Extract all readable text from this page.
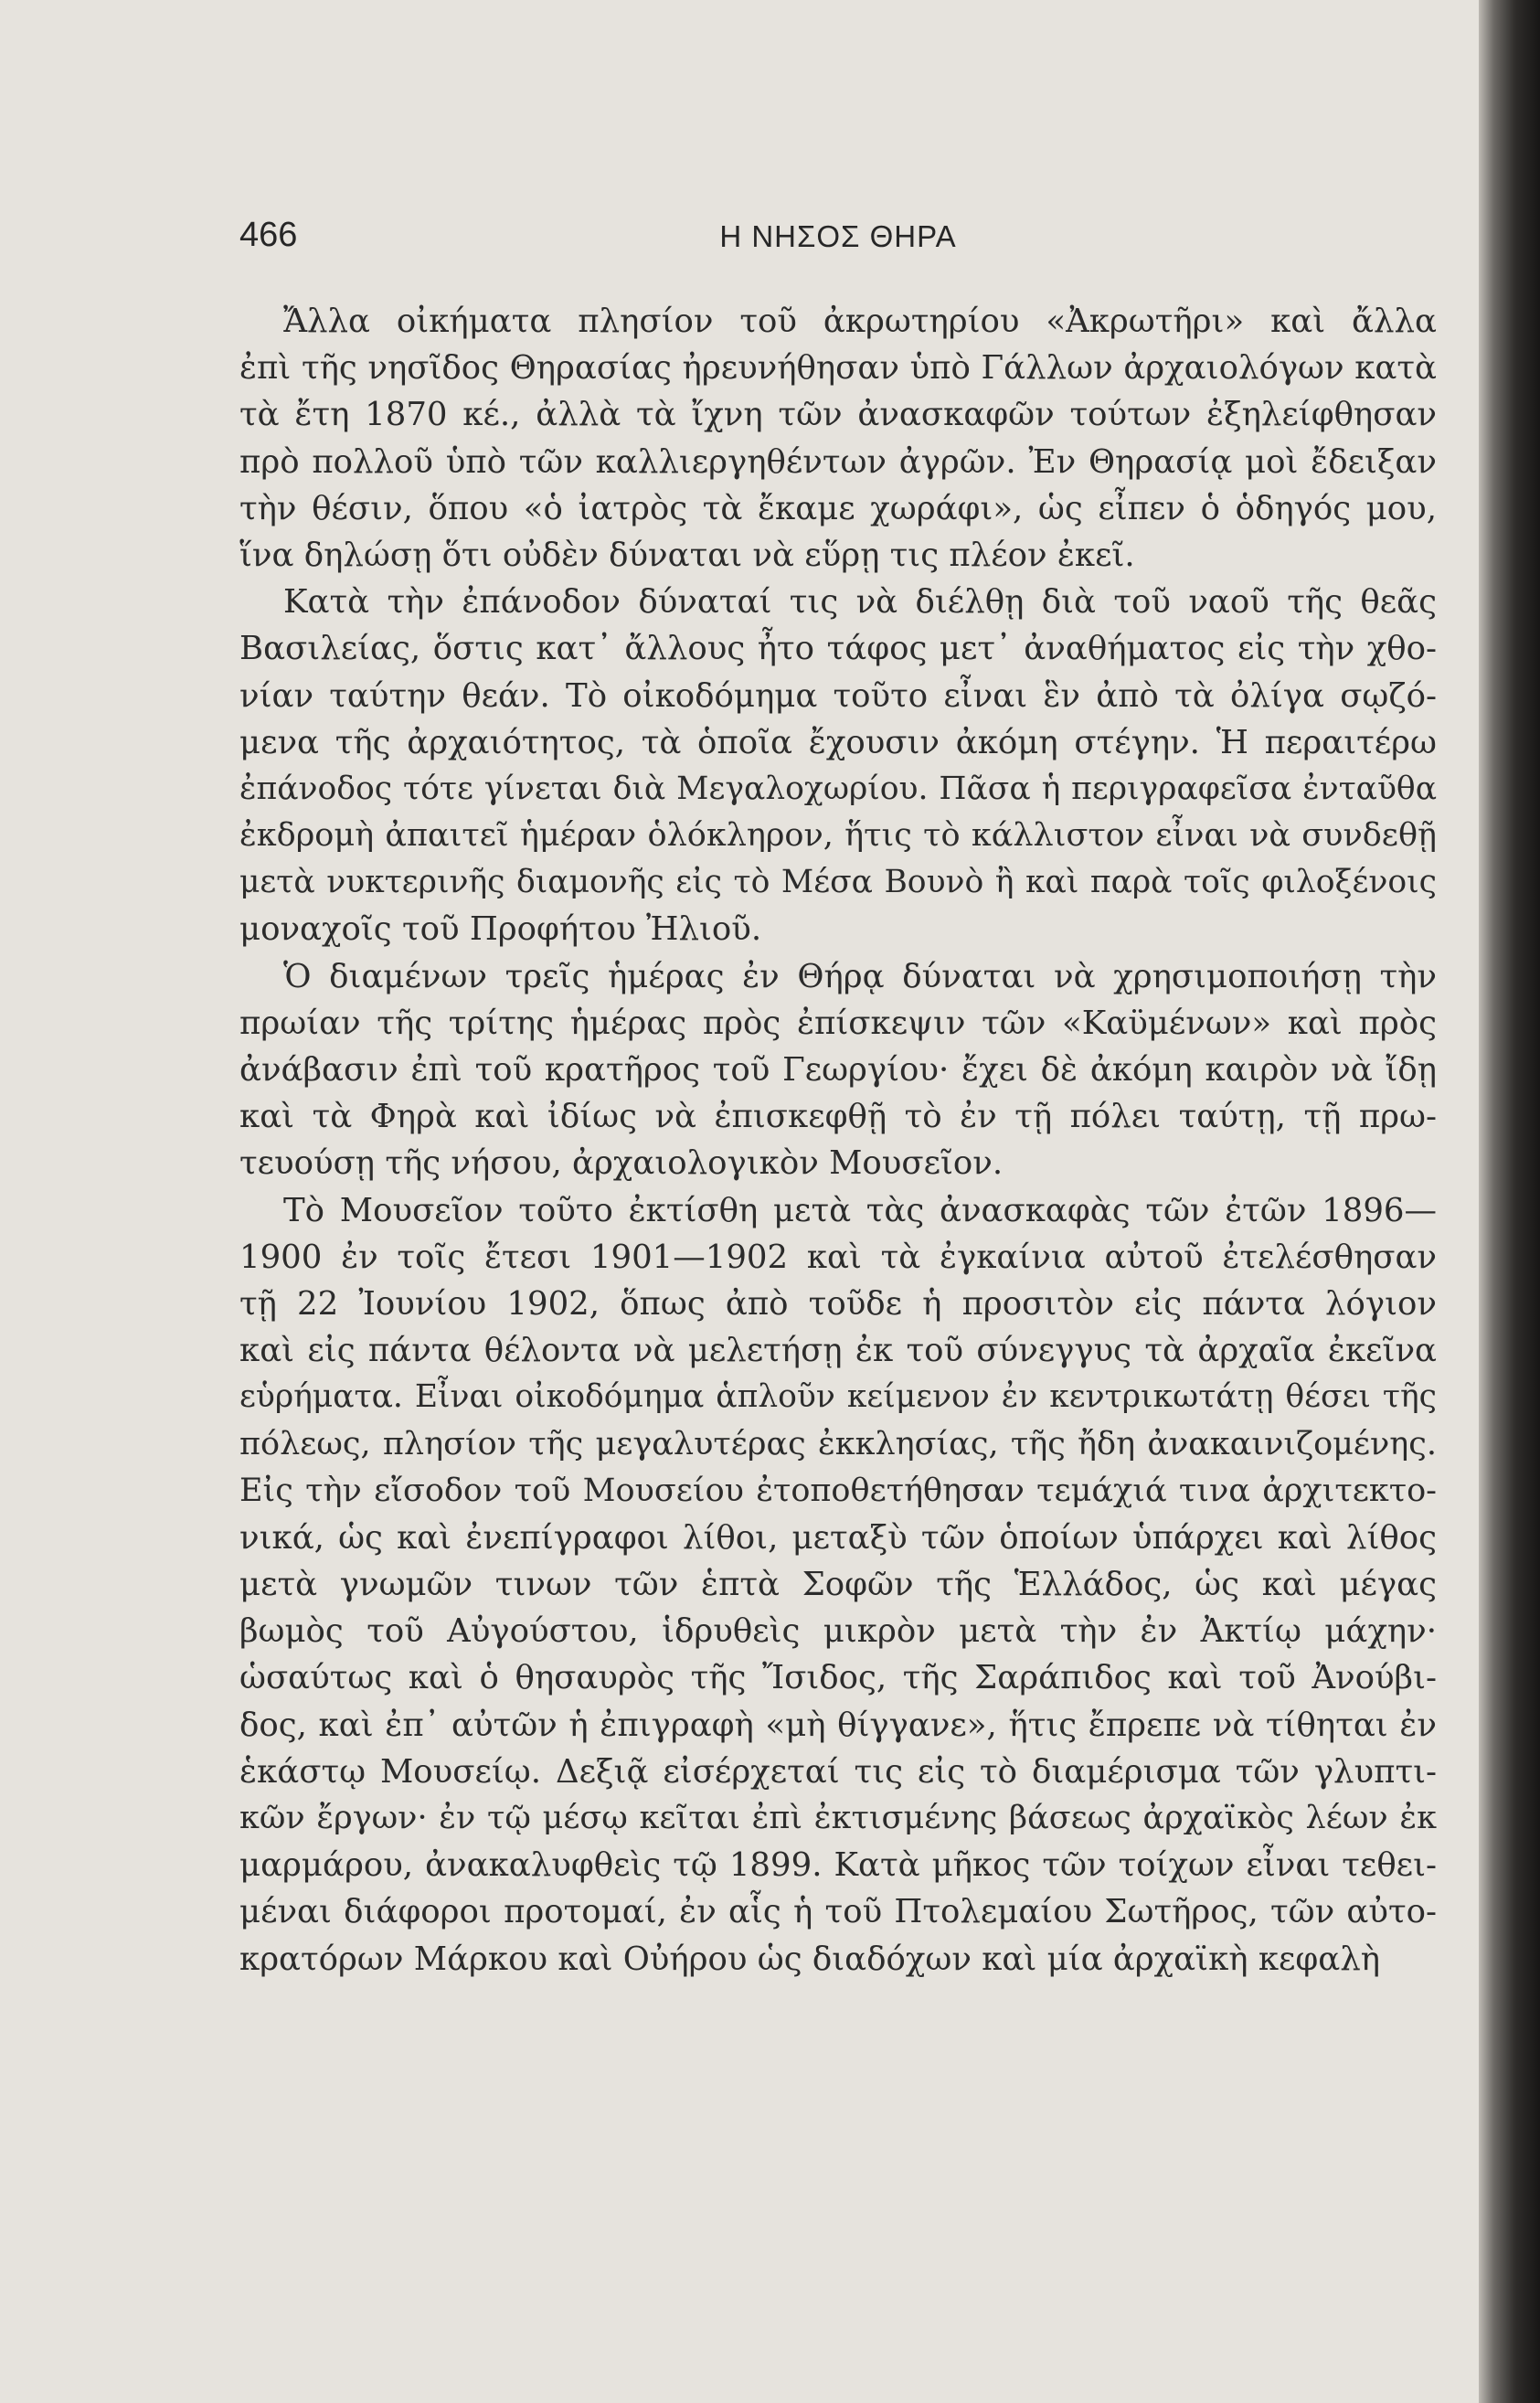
466	Η ΝΗΣΟΣ ΘΗΡΑ
Ἄλλα οἰκήματα πλησίον τοῦ ἀκρωτηρίου «Ἀκρωτῆρι» καὶ ἄλλα
ἐπὶ τῆς νησῖδος Θηρασίας ἠρευνήθησαν ὑπὸ Γάλλων ἀρχαιολόγων κατὰ
τὰ ἔτη 1870 κέ., ἀλλὰ τὰ ἴχνη τῶν ἀνασκαφῶν τούτων ἐξηλείφθησαν
πρὸ πολλοῦ ὑπὸ τῶν καλλιεργηθέντων ἀγρῶν. Ἐν Θηρασίᾳ μοὶ ἔδειξαν
τὴν θέσιν, ὅπου «ὁ ἰατρὸς τὰ ἔκαμε χωράφι», ὡς εἶπεν ὁ ὁδηγός μου,
ἵνα δηλώσῃ ὅτι οὐδὲν δύναται νὰ εὕρῃ τις πλέον ἐκεῖ.
Κατὰ τὴν ἐπάνοδον δύναταί τις νὰ διέλθῃ διὰ τοῦ ναοῦ τῆς θεᾶς
Βασιλείας, ὅστις κατ᾿ ἄλλους ἦτο τάφος μετ᾿ ἀναθήματος εἰς τὴν χθο-
νίαν ταύτην θεάν. Τὸ οἰκοδόμημα τοῦτο εἶναι ἓν ἀπὸ τὰ ὀλίγα σῳζό-
μενα τῆς ἀρχαιότητος, τὰ ὁποῖα ἔχουσιν ἀκόμη στέγην. Ἡ περαιτέρω
ἐπάνοδος τότε γίνεται διὰ Μεγαλοχωρίου. Πᾶσα ἡ περιγραφεῖσα ἐνταῦθα
ἐκδρομὴ ἀπαιτεῖ ἡμέραν ὁλόκληρον, ἥτις τὸ κάλλιστον εἶναι νὰ συνδεθῇ
μετὰ νυκτερινῆς διαμονῆς εἰς τὸ Μέσα Βουνὸ ἢ καὶ παρὰ τοῖς φιλοξένοις
μοναχοῖς τοῦ Προφήτου Ἠλιοῦ.
Ὁ διαμένων τρεῖς ἡμέρας ἐν Θήρᾳ δύναται νὰ χρησιμοποιήσῃ τὴν
πρωίαν τῆς τρίτης ἡμέρας πρὸς ἐπίσκεψιν τῶν «Καϋμένων» καὶ πρὸς
ἀνάβασιν ἐπὶ τοῦ κρατῆρος τοῦ Γεωργίου· ἔχει δὲ ἀκόμη καιρὸν νὰ ἴδῃ
καὶ τὰ Φηρὰ καὶ ἰδίως νὰ ἐπισκεφθῇ τὸ ἐν τῇ πόλει ταύτῃ, τῇ πρω-
τευούσῃ τῆς νήσου, ἀρχαιολογικὸν Μουσεῖον.
Τὸ Μουσεῖον τοῦτο ἐκτίσθη μετὰ τὰς ἀνασκαφὰς τῶν ἐτῶν 1896—
1900 ἐν τοῖς ἔτεσι 1901—1902 καὶ τὰ ἐγκαίνια αὐτοῦ ἐτελέσθησαν
τῇ 22 Ἰουνίου 1902, ὅπως ἀπὸ τοῦδε ἡ προσιτὸν εἰς πάντα λόγιον
καὶ εἰς πάντα θέλοντα νὰ μελετήσῃ ἐκ τοῦ σύνεγγυς τὰ ἀρχαῖα ἐκεῖνα
εὑρήματα. Εἶναι οἰκοδόμημα ἁπλοῦν κείμενον ἐν κεντρικωτάτῃ θέσει τῆς
πόλεως, πλησίον τῆς μεγαλυτέρας ἐκκλησίας, τῆς ἤδη ἀνακαινιζομένης.
Εἰς τὴν εἴσοδον τοῦ Μουσείου ἐτοποθετήθησαν τεμάχιά τινα ἀρχιτεκτο-
νικά, ὡς καὶ ἐνεπίγραφοι λίθοι, μεταξὺ τῶν ὁποίων ὑπάρχει καὶ λίθος
μετὰ γνωμῶν τινων τῶν ἑπτὰ Σοφῶν τῆς Ἑλλάδος, ὡς καὶ μέγας
βωμὸς τοῦ Αὐγούστου, ἱδρυθεὶς μικρὸν μετὰ τὴν ἐν Ἀκτίῳ μάχην·
ὡσαύτως καὶ ὁ θησαυρὸς τῆς Ἴσιδος, τῆς Σαράπιδος καὶ τοῦ Ἀνούβι-
δος, καὶ ἐπ᾿ αὐτῶν ἡ ἐπιγραφὴ «μὴ θίγγανε», ἥτις ἔπρεπε νὰ τίθηται ἐν
ἑκάστῳ Μουσείῳ. Δεξιᾷ εἰσέρχεταί τις εἰς τὸ διαμέρισμα τῶν γλυπτι-
κῶν ἔργων· ἐν τῷ μέσῳ κεῖται ἐπὶ ἐκτισμένης βάσεως ἀρχαϊκὸς λέων ἐκ
μαρμάρου, ἀνακαλυφθεὶς τῷ 1899. Κατὰ μῆκος τῶν τοίχων εἶναι τεθει-
μέναι διάφοροι προτομαί, ἐν αἷς ἡ τοῦ Πτολεμαίου Σωτῆρος, τῶν αὐτο-
κρατόρων Μάρκου καὶ Οὐήρου ὡς διαδόχων καὶ μία ἀρχαϊκὴ κεφαλὴ
